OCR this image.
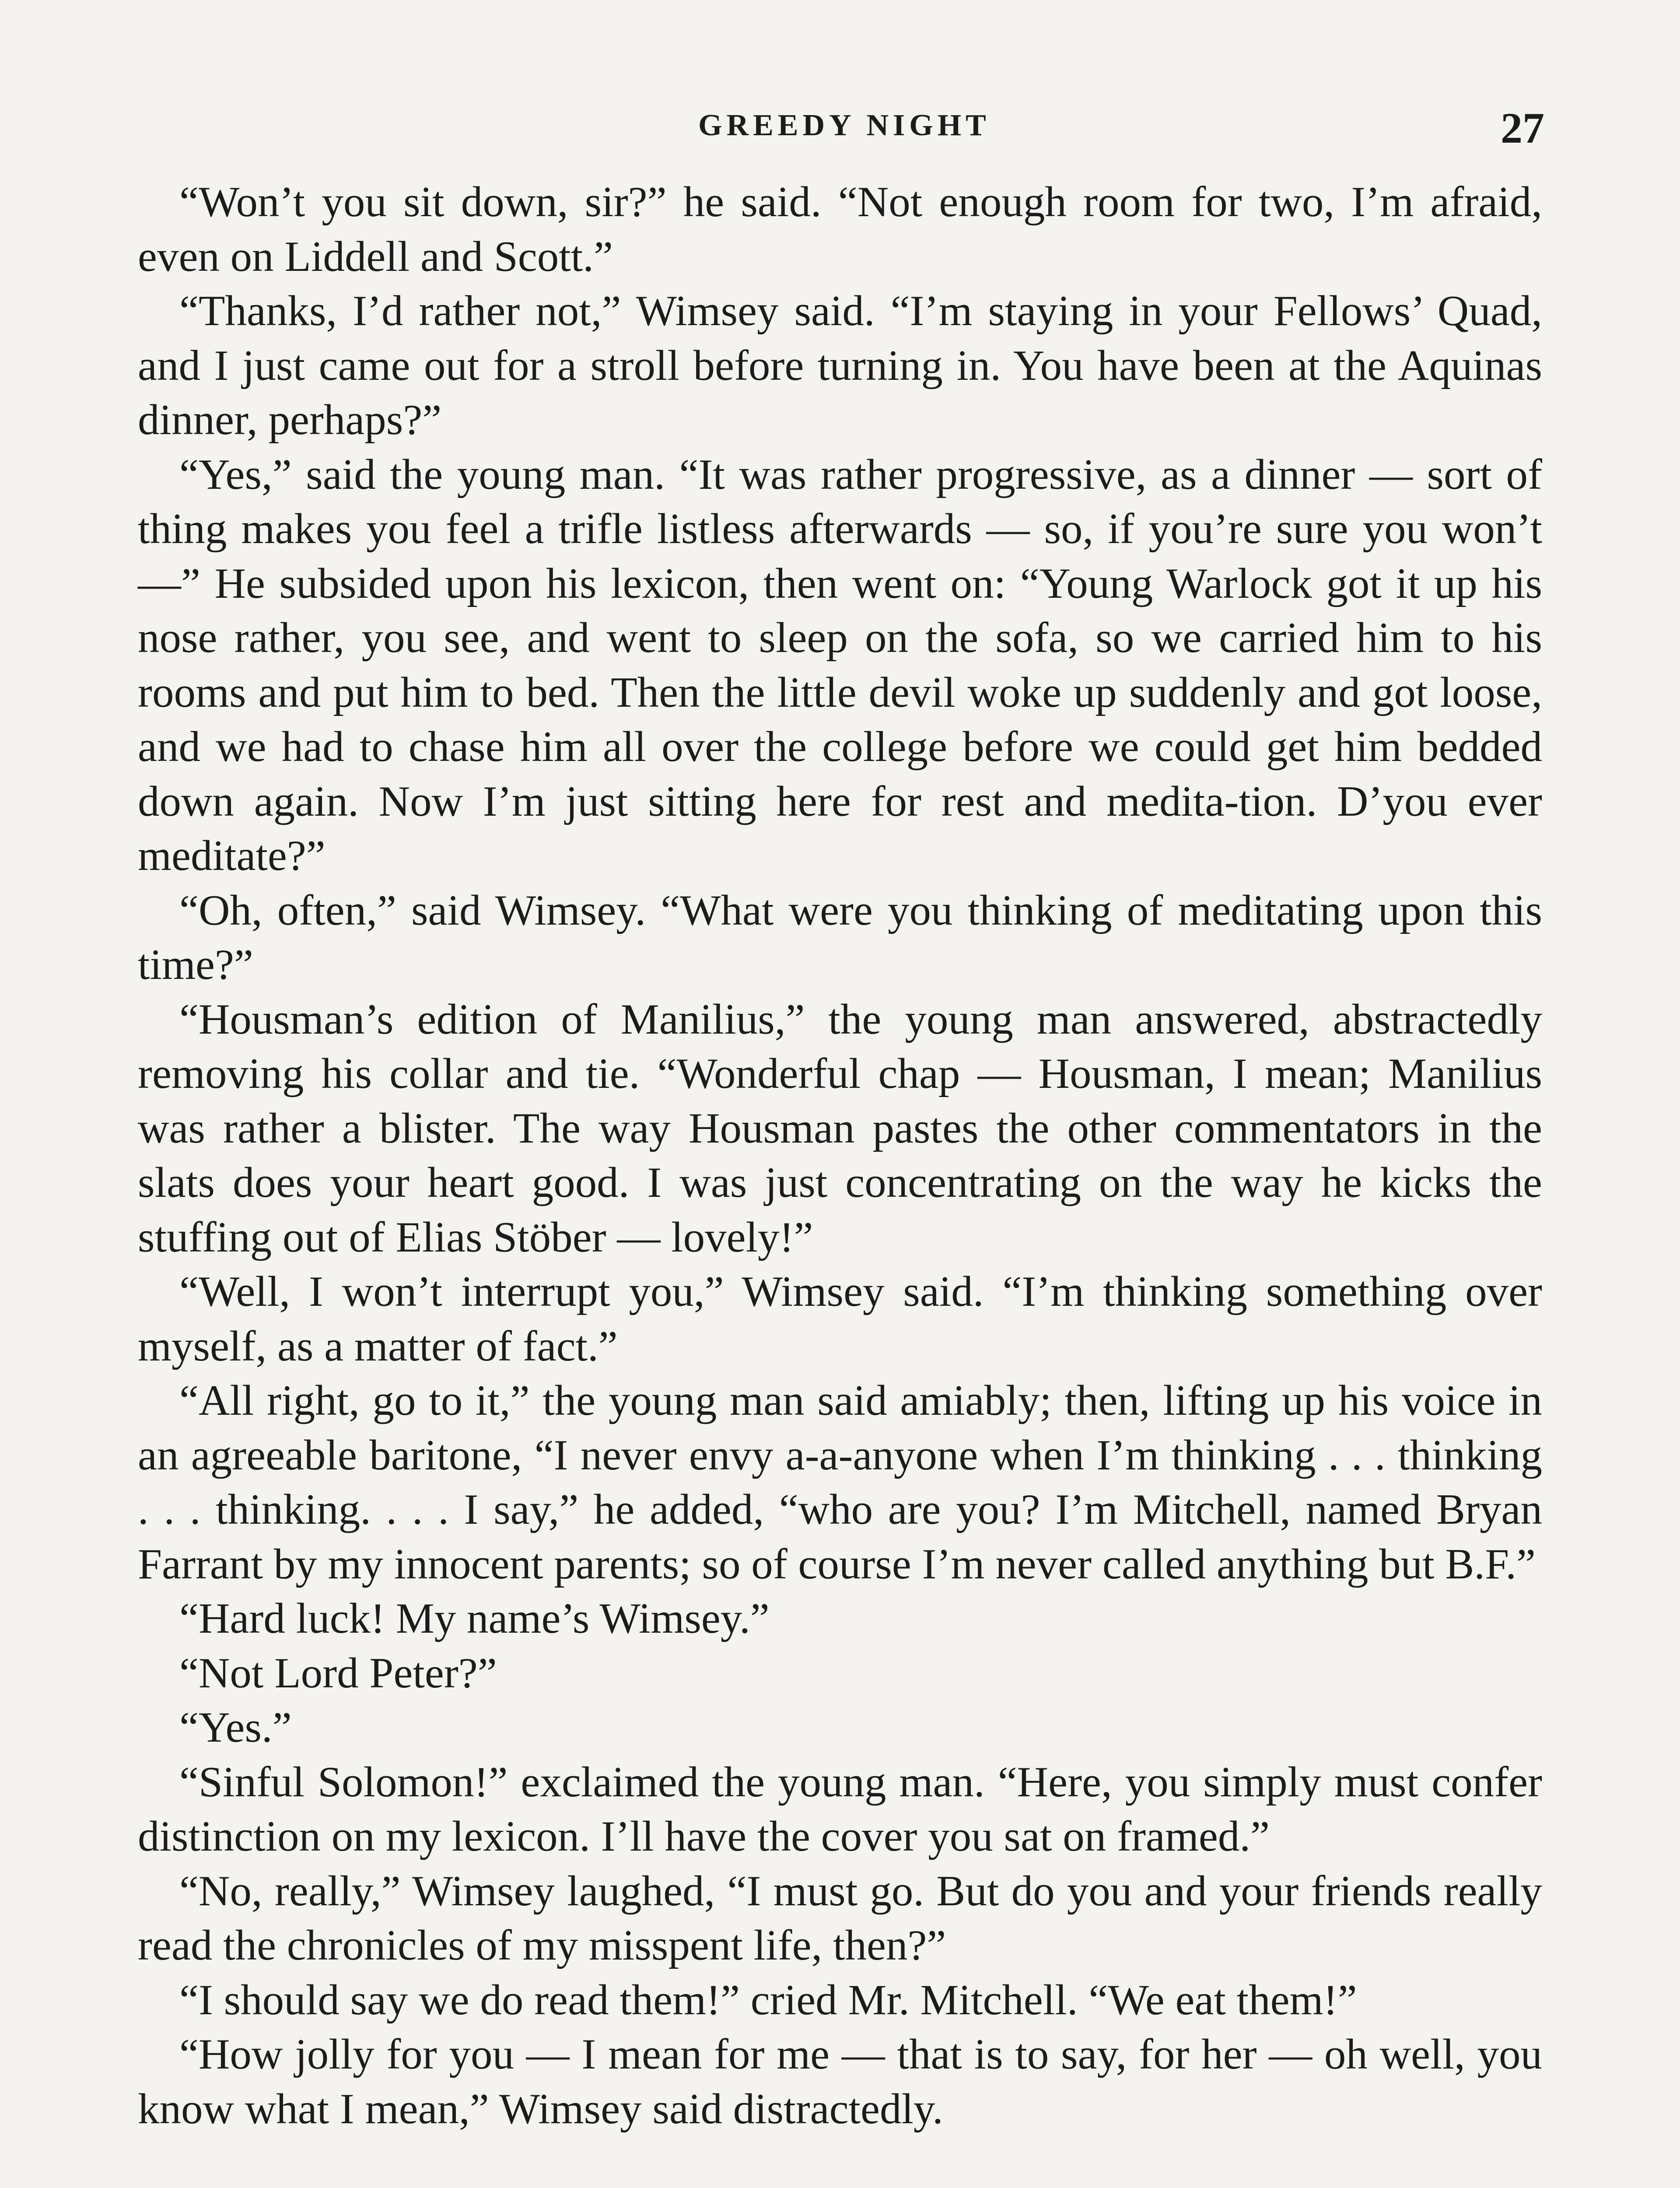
GREEDY NIGHT	27

“Won’t you sit down, sir?” he said. “Not enough room for two, I’m afraid, even on Liddell and Scott.”

“Thanks, I’d rather not,” Wimsey said. “I’m staying in your Fellows’ Quad, and I just came out for a stroll before turning in. You have been at the Aquinas dinner, perhaps?”

“Yes,” said the young man. “It was rather progressive, as a dinner — sort of thing makes you feel a trifle listless afterwards — so, if you’re sure you won’t —” He subsided upon his lexicon, then went on: “Young Warlock got it up his nose rather, you see, and went to sleep on the sofa, so we carried him to his rooms and put him to bed. Then the little devil woke up suddenly and got loose, and we had to chase him all over the college before we could get him bedded down again. Now I’m just sitting here for rest and medita-tion. D’you ever meditate?”

“Oh, often,” said Wimsey. “What were you thinking of meditating upon this time?”

“Housman’s edition of Manilius,” the young man answered, abstractedly removing his collar and tie. “Wonderful chap — Housman, I mean; Manilius was rather a blister. The way Housman pastes the other commentators in the slats does your heart good. I was just concentrating on the way he kicks the stuffing out of Elias Stöber — lovely!”

“Well, I won’t interrupt you,” Wimsey said. “I’m thinking something over myself, as a matter of fact.”

“All right, go to it,” the young man said amiably; then, lifting up his voice in an agreeable baritone, “I never envy a-a-anyone when I’m thinking . . . thinking . . . thinking. . . . I say,” he added, “who are you? I’m Mitchell, named Bryan Farrant by my innocent parents; so of course I’m never called anything but B.F.”

“Hard luck! My name’s Wimsey.”

“Not Lord Peter?”

“Yes.”

“Sinful Solomon!” exclaimed the young man. “Here, you simply must confer distinction on my lexicon. I’ll have the cover you sat on framed.”

“No, really,” Wimsey laughed, “I must go. But do you and your friends really read the chronicles of my misspent life, then?”

“I should say we do read them!” cried Mr. Mitchell. “We eat them!”

“How jolly for you — I mean for me — that is to say, for her — oh well, you know what I mean,” Wimsey said distractedly.
